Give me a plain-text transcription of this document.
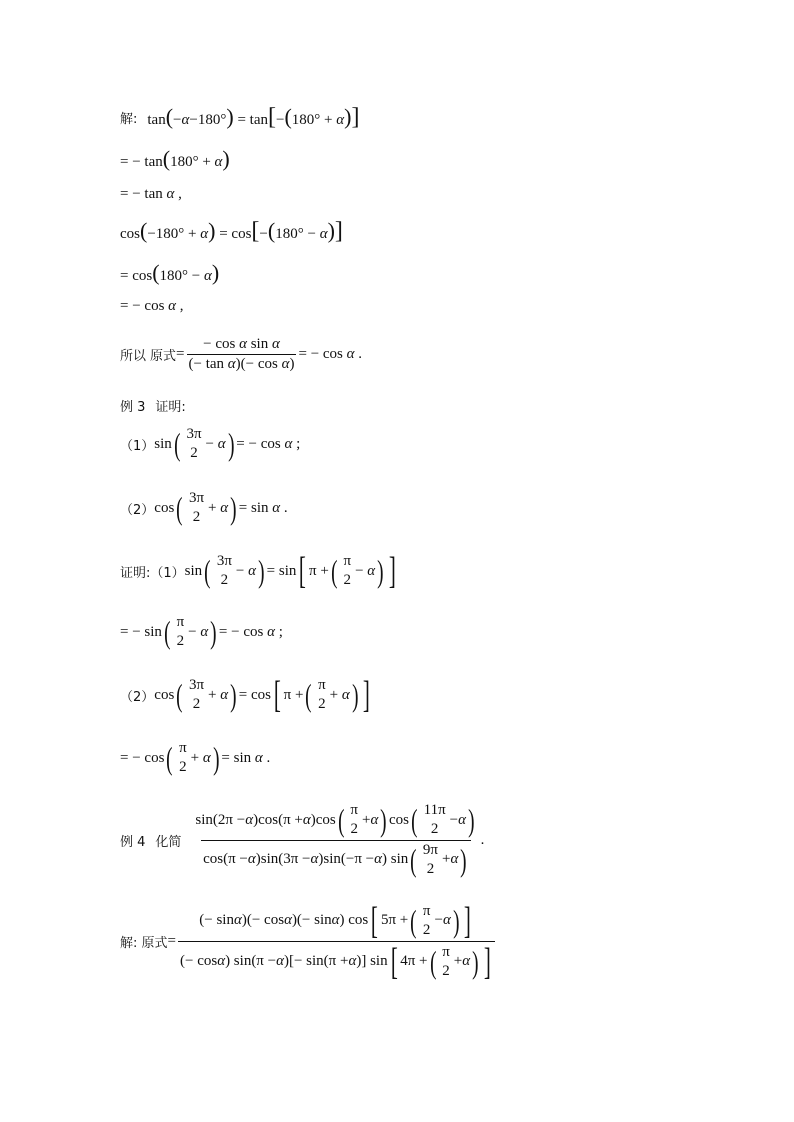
解: tan(−α−180°) = tan[−(180° + α)]
= − tan(180° + α)
= − tan α ,
cos(−180° + α) = cos[−(180° − α)]
= cos(180° − α)
= − cos α ,
所以 原式 = $\frac{\text{− cos α sin α}}{\text{(− tan α)(− cos α)}}$ = − cos α .
例 3 证明:
（1） sin ( 3π
2
− α ) = − cos α ;
（2） cos ( 3π
2
+ α ) = sin α .
证明: （1） sin ( 3π
2
− α ) = sin [ π + ( π
2
− α ) ]
= − sin ( π
2
− α ) = − cos α ;
（2） cos ( 3π
2
+ α ) = cos [ π + ( π
2
+ α ) ]
= − cos ( π
2
+ α ) = sin α .
例 4 化简
sin(2π − α )cos(π + α )cos ( π
2
+ α ) cos ( 11π
2
− α )
cos(π − α )sin(3π − α )sin(−π − α ) sin ( 9π
2
+ α )
.
解: 原式 =
(− sin α )(− cos α )(− sin α ) cos [ 5π + ( π
2
− α ) ]
(− cos α ) sin(π − α )[− sin(π + α )] sin [ 4π + ( π
2
+ α ) ]
